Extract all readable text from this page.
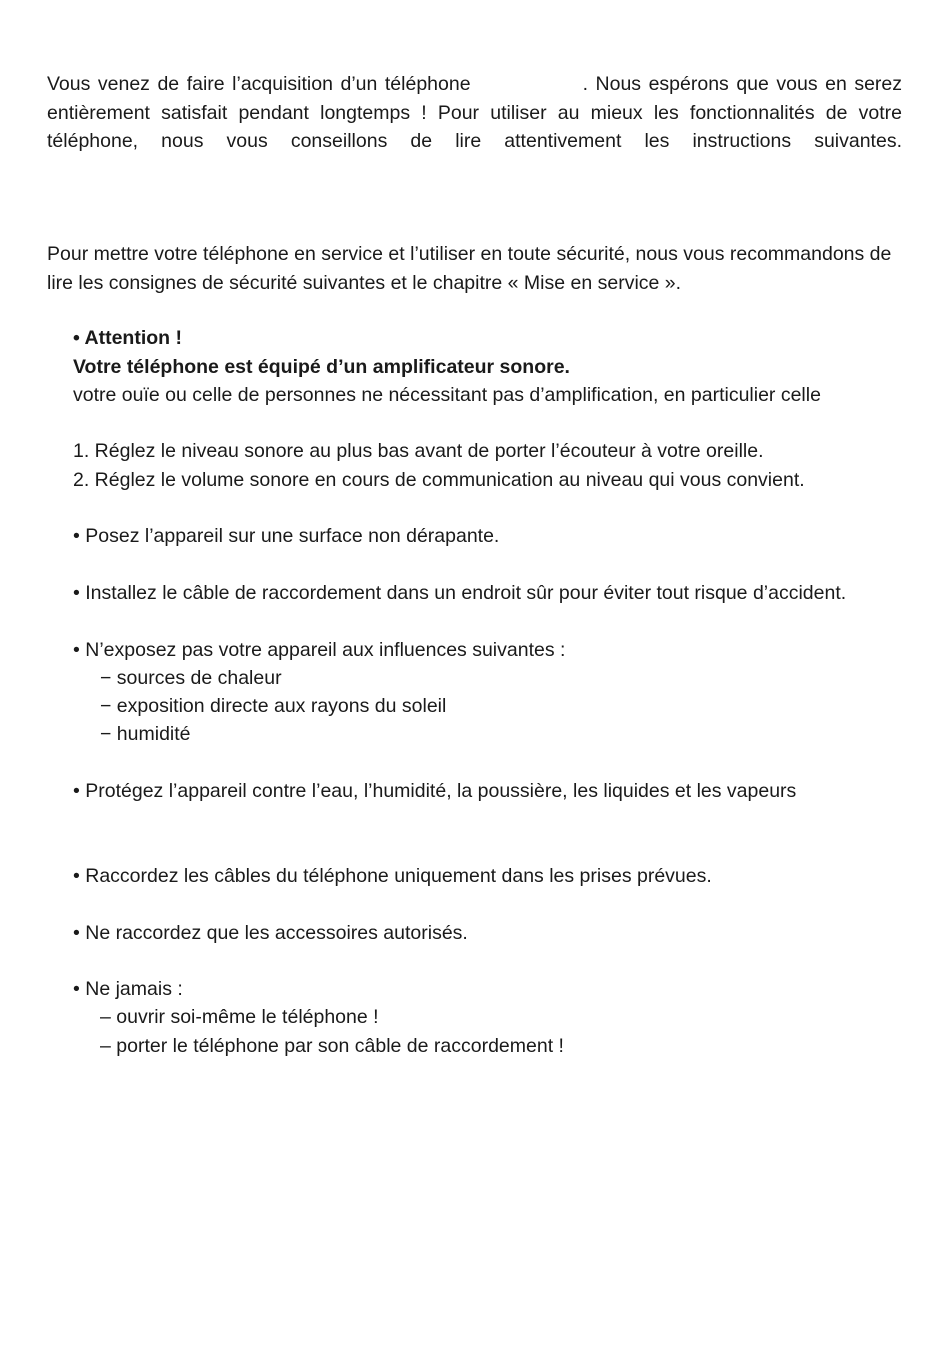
Vous venez de faire l’acquisition d’un téléphone	. Nous espérons que vous en serez entièrement satisfait pendant longtemps ! Pour utiliser au mieux les fonctionnalités de votre téléphone, nous vous conseillons de lire attentivement les instructions suivantes.

Pour mettre votre téléphone en service et l’utiliser en toute sécurité, nous vous recommandons de lire les consignes de sécurité suivantes et le chapitre « Mise en service ».

• Attention !

Votre téléphone est équipé d’un amplificateur sonore.

votre ouïe ou celle de personnes ne nécessitant pas d’amplification, en particulier celle

1. Réglez le niveau sonore au plus bas avant de porter l’écouteur à votre oreille.

2. Réglez le volume sonore en cours de communication au niveau qui vous convient.

• Posez l’appareil sur une surface non dérapante.

• Installez le câble de raccordement dans un endroit sûr pour éviter tout risque d’accident.

• N’exposez pas votre appareil aux influences suivantes :

− sources de chaleur

− exposition directe aux rayons du soleil

− humidité

• Protégez l’appareil contre l’eau, l’humidité, la poussière, les liquides et les vapeurs

• Raccordez les câbles du téléphone uniquement dans les prises prévues.

• Ne raccordez que les accessoires autorisés.

• Ne jamais :

– ouvrir soi-même le téléphone !

– porter le téléphone par son câble de raccordement !
